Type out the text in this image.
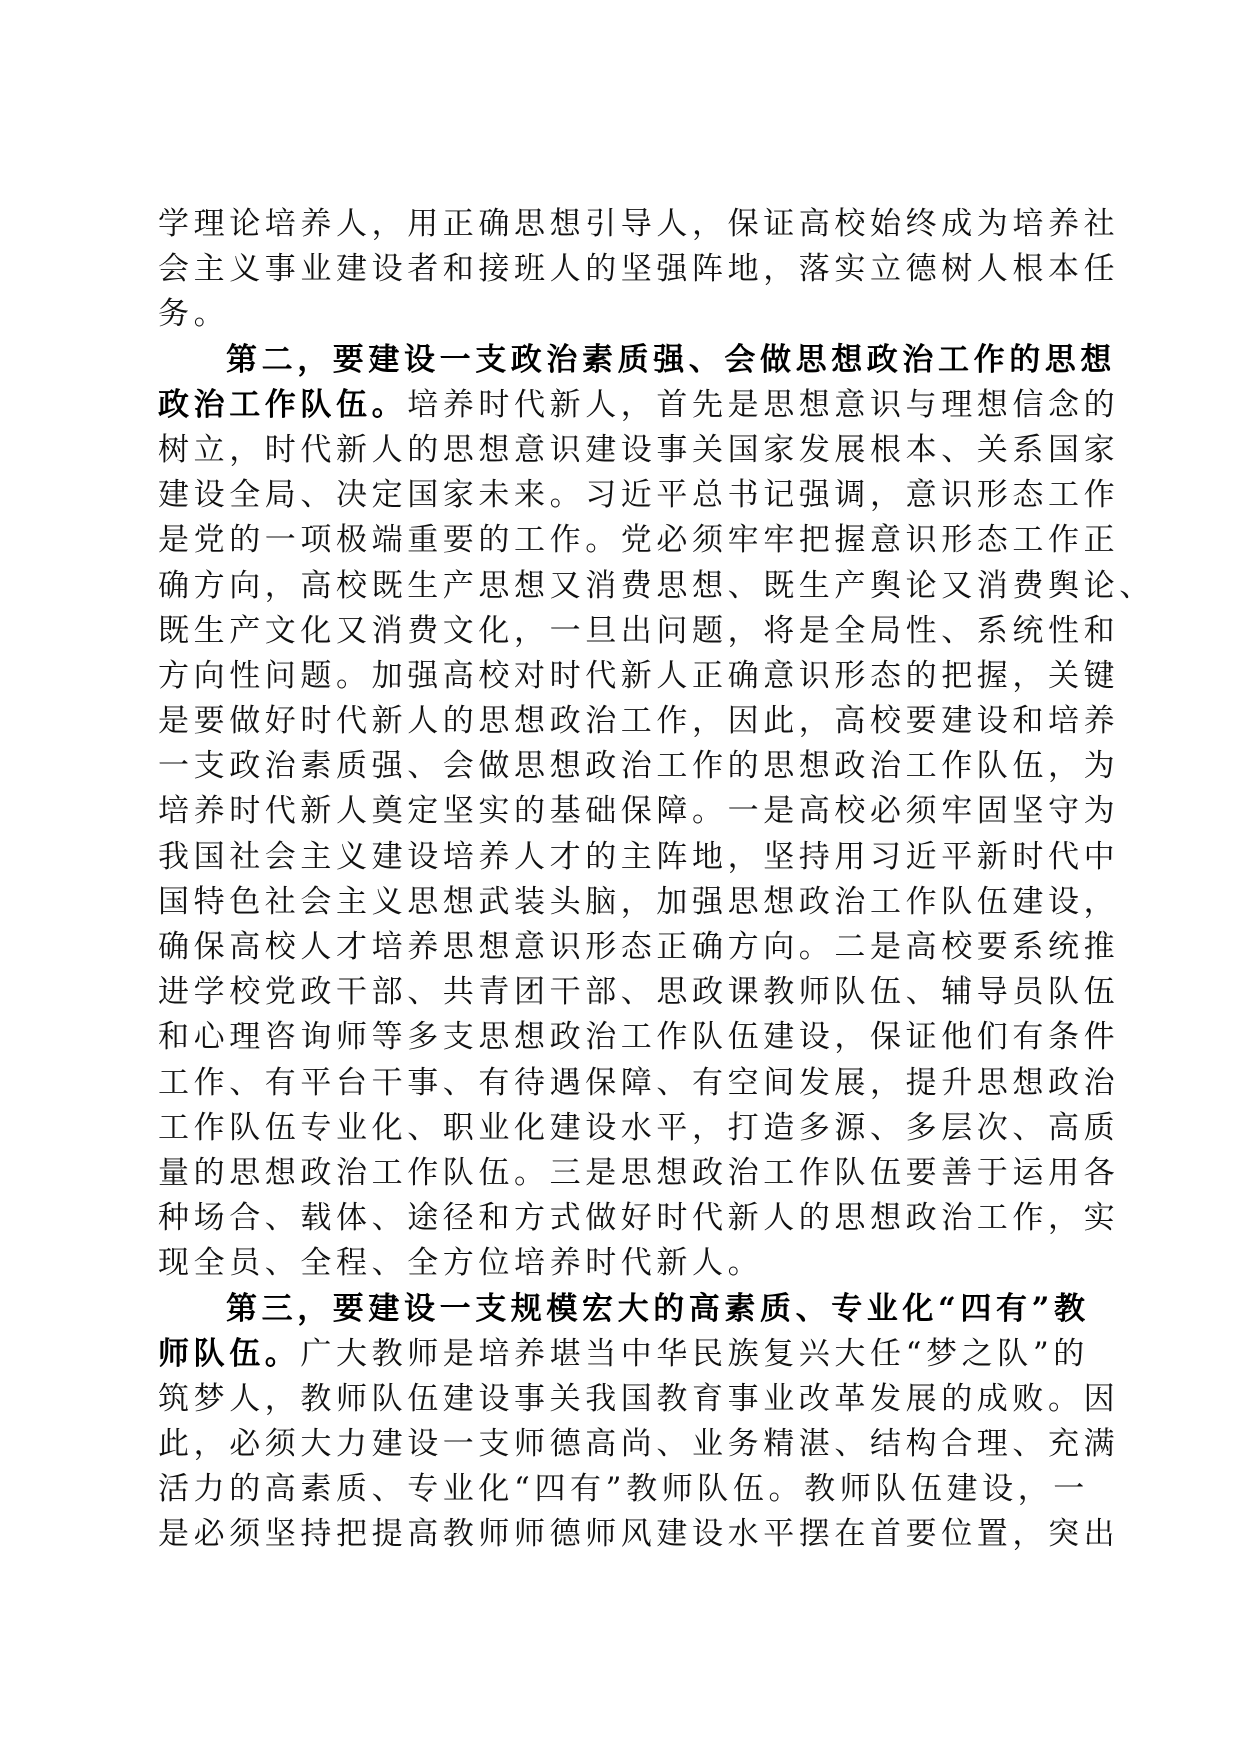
学理论培养人，用正确思想引导人，保证高校始终成为培养社
会主义事业建设者和接班人的坚强阵地，落实立德树人根本任
务。
第二，要建设一支政治素质强、会做思想政治工作的思想
政治工作队伍。培养时代新人，首先是思想意识与理想信念的
树立，时代新人的思想意识建设事关国家发展根本、关系国家
建设全局、决定国家未来。习近平总书记强调，意识形态工作
是党的一项极端重要的工作。党必须牢牢把握意识形态工作正
确方向，高校既生产思想又消费思想、既生产舆论又消费舆论、
既生产文化又消费文化，一旦出问题，将是全局性、系统性和
方向性问题。加强高校对时代新人正确意识形态的把握，关键
是要做好时代新人的思想政治工作，因此，高校要建设和培养
一支政治素质强、会做思想政治工作的思想政治工作队伍，为
培养时代新人奠定坚实的基础保障。一是高校必须牢固坚守为
我国社会主义建设培养人才的主阵地，坚持用习近平新时代中
国特色社会主义思想武装头脑，加强思想政治工作队伍建设，
确保高校人才培养思想意识形态正确方向。二是高校要系统推
进学校党政干部、共青团干部、思政课教师队伍、辅导员队伍
和心理咨询师等多支思想政治工作队伍建设，保证他们有条件
工作、有平台干事、有待遇保障、有空间发展，提升思想政治
工作队伍专业化、职业化建设水平，打造多源、多层次、高质
量的思想政治工作队伍。三是思想政治工作队伍要善于运用各
种场合、载体、途径和方式做好时代新人的思想政治工作，实
现全员、全程、全方位培养时代新人。
第三，要建设一支规模宏大的高素质、专业化“四有”教
师队伍。广大教师是培养堪当中华民族复兴大任“梦之队”的
筑梦人，教师队伍建设事关我国教育事业改革发展的成败。因
此，必须大力建设一支师德高尚、业务精湛、结构合理、充满
活力的高素质、专业化“四有”教师队伍。教师队伍建设，一
是必须坚持把提高教师师德师风建设水平摆在首要位置，突出
